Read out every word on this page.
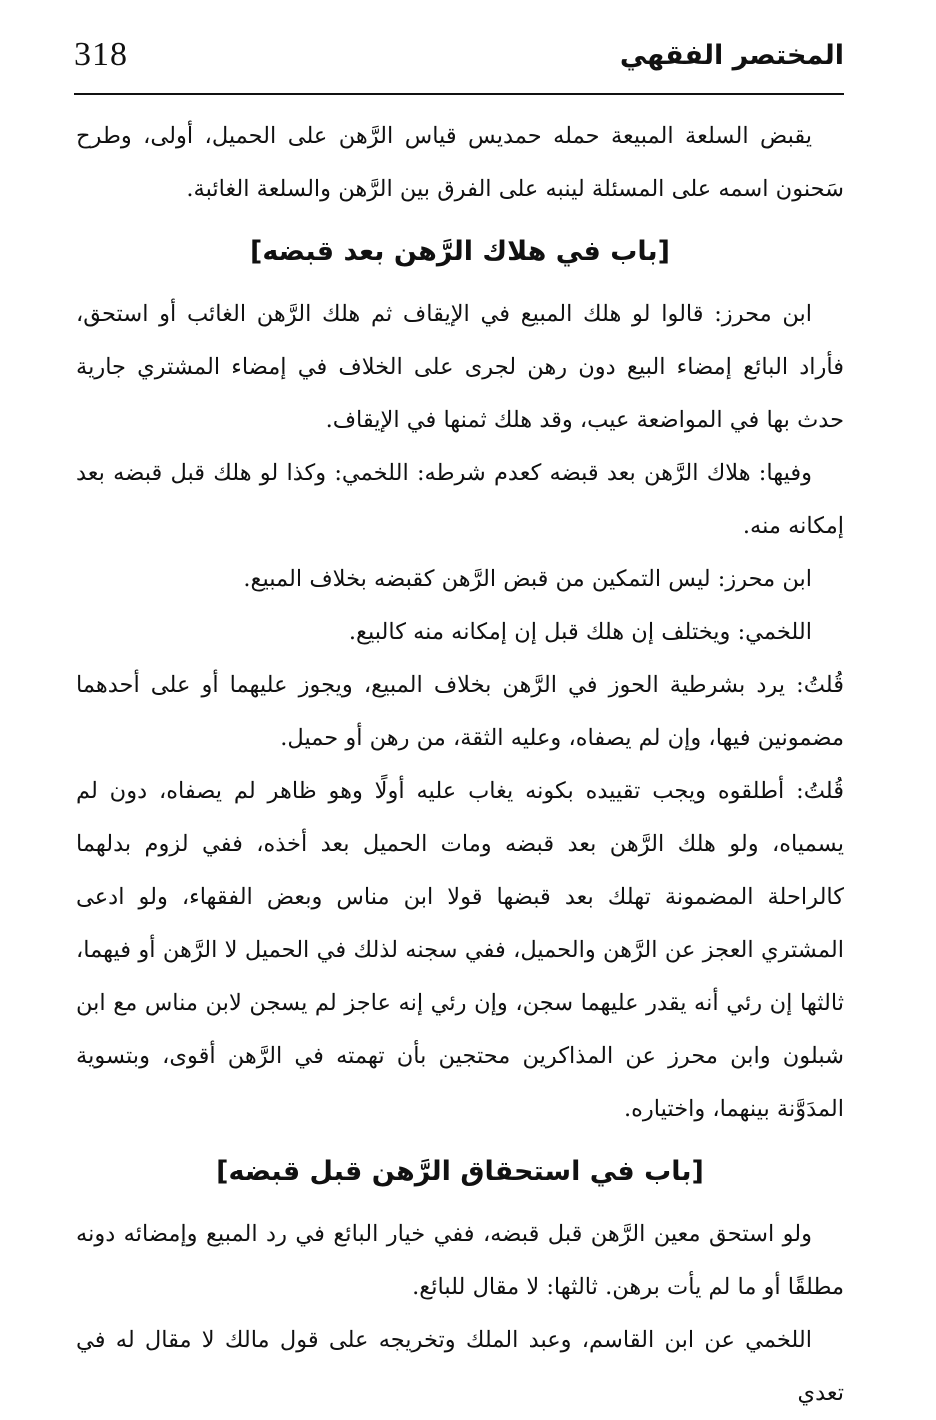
318	المختصر الفقهي

يقبض السلعة المبيعة حمله حمديس قياس الرَّهن على الحميل، أولى، وطرح سَحنون اسمه على المسئلة لينبه على الفرق بين الرَّهن والسلعة الغائبة.

[باب في هلاك الرَّهن بعد قبضه]

ابن محرز: قالوا لو هلك المبيع في الإيقاف ثم هلك الرَّهن الغائب أو استحق، فأراد البائع إمضاء البيع دون رهن لجرى على الخلاف في إمضاء المشتري جارية حدث بها في المواضعة عيب، وقد هلك ثمنها في الإيقاف.

وفيها: هلاك الرَّهن بعد قبضه كعدم شرطه: اللخمي: وكذا لو هلك قبل قبضه بعد إمكانه منه.

ابن محرز: ليس التمكين من قبض الرَّهن كقبضه بخلاف المبيع.

اللخمي: ويختلف إن هلك قبل إن إمكانه منه كالبيع.

قُلتُ: يرد بشرطية الحوز في الرَّهن بخلاف المبيع، ويجوز عليهما أو على أحدهما مضمونين فيها، وإن لم يصفاه، وعليه الثقة، من رهن أو حميل.

قُلتُ: أطلقوه ويجب تقييده بكونه يغاب عليه أولًا وهو ظاهر لم يصفاه، دون لم يسمياه، ولو هلك الرَّهن بعد قبضه ومات الحميل بعد أخذه، ففي لزوم بدلهما كالراحلة المضمونة تهلك بعد قبضها قولا ابن مناس وبعض الفقهاء، ولو ادعى المشتري العجز عن الرَّهن والحميل، ففي سجنه لذلك في الحميل لا الرَّهن أو فيهما، ثالثها إن رئي أنه يقدر عليهما سجن، وإن رئي إنه عاجز لم يسجن لابن مناس مع ابن شبلون وابن محرز عن المذاكرين محتجين بأن تهمته في الرَّهن أقوى، وبتسوية المدَوَّنة بينهما، واختياره.

[باب في استحقاق الرَّهن قبل قبضه]

ولو استحق معين الرَّهن قبل قبضه، ففي خيار البائع في رد المبيع وإمضائه دونه مطلقًا أو ما لم يأت برهن. ثالثها: لا مقال للبائع.

اللخمي عن ابن القاسم، وعبد الملك وتخريجه على قول مالك لا مقال له في تعدي
